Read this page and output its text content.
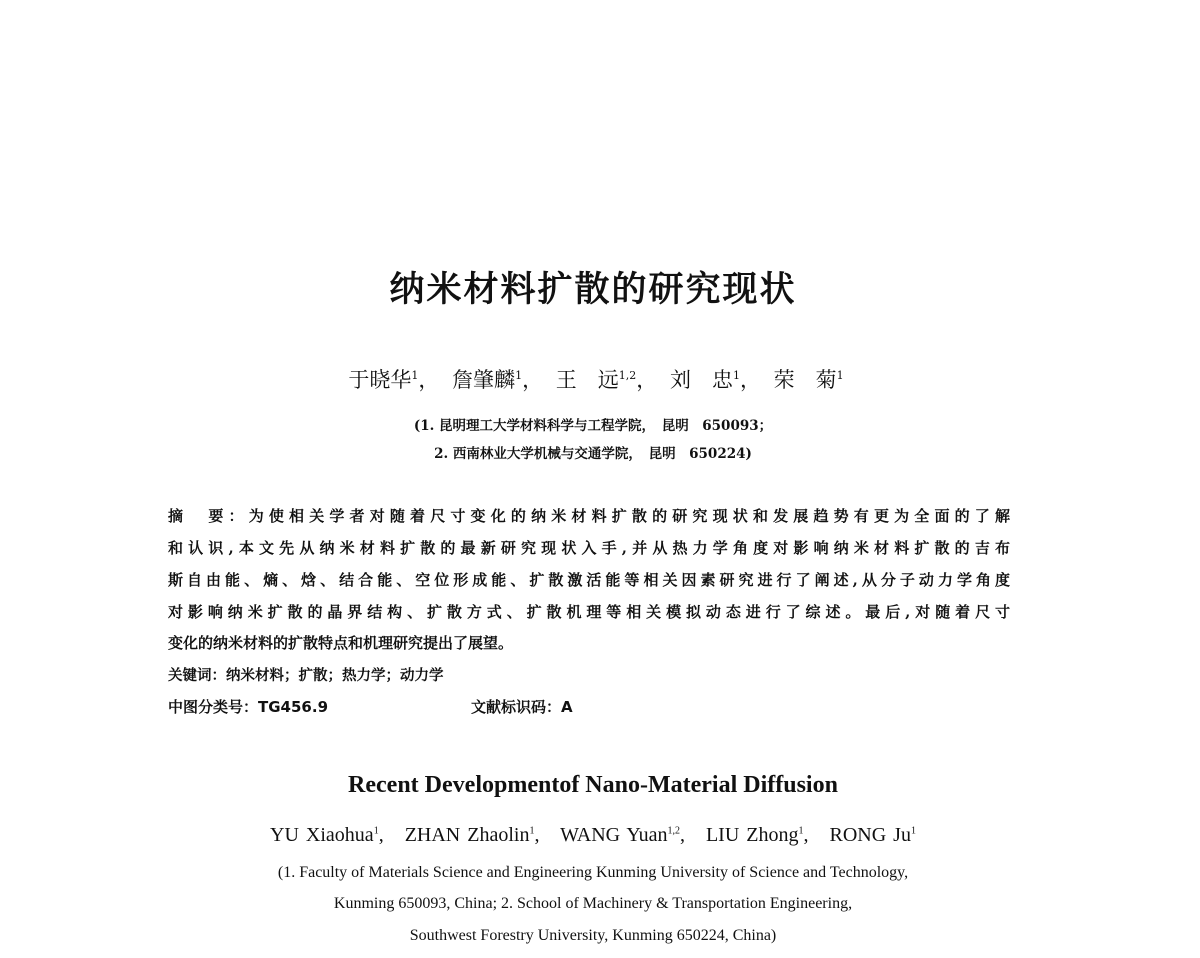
纳米材料扩散的研究现状
于晓华$^1$， 詹肇麟$^1$， 王　远$^{1,2}$， 刘　忠$^1$， 荣　菊$^1$
(1. 昆明理工大学材料科学与工程学院，　昆明　650093；
2. 西南林业大学机械与交通学院，　昆明　650224)
摘　要：为使相关学者对随着尺寸变化的纳米材料扩散的研究现状和发展趋势有更为全面的了解
和认识,本文先从纳米材料扩散的最新研究现状入手,并从热力学角度对影响纳米材料扩散的吉布
斯自由能、熵、焓、结合能、空位形成能、扩散激活能等相关因素研究进行了阐述,从分子动力学角度
对影响纳米扩散的晶界结构、扩散方式、扩散机理等相关模拟动态进行了综述。最后,对随着尺寸
变化的纳米材料的扩散特点和机理研究提出了展望。
关键词：纳米材料；扩散；热力学；动力学
中图分类号：TG456.9	文献标识码：A
Recent Developmentof Nano-Material Diffusion
YU Xiaohua$^1$,   ZHAN Zhaolin$^1$,   WANG Yuan$^{1,2}$,   LIU Zhong$^1$,   RONG Ju$^1$
(1. Faculty of Materials Science and Engineering Kunming University of Science and Technology,
Kunming 650093, China; 2. School of Machinery & Transportation Engineering,
Southwest Forestry University, Kunming 650224, China)
